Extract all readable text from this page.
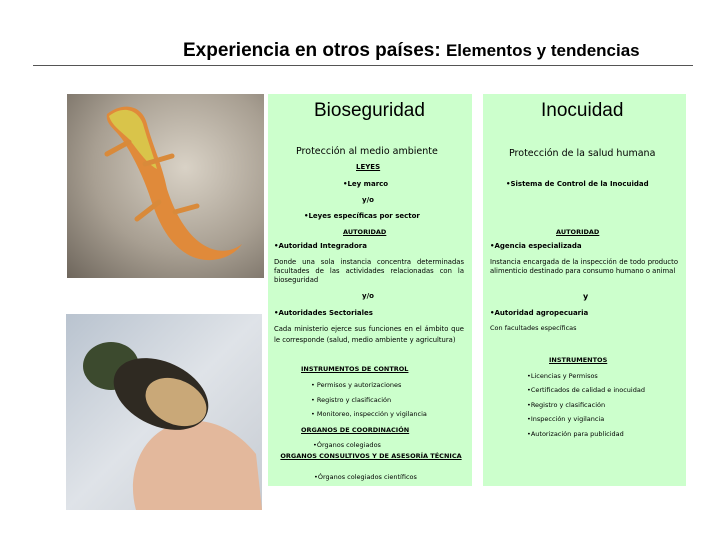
Experiencia en otros países: Elementos y tendencias
Bioseguridad
Protección al medio ambiente
LEYES
•Ley marco
y/o
•Leyes específicas por sector
AUTORIDAD
•Autoridad Integradora
Donde una sola instancia concentra determinadas facultades de las actividades relacionadas con la bioseguridad
y/o
•Autoridades Sectoriales
Cada ministerio ejerce sus funciones en el ámbito que le corresponde (salud, medio ambiente y agricultura)
INSTRUMENTOS DE CONTROL
• Permisos y autorizaciones
• Registro y clasificación
• Monitoreo, inspección y vigilancia
ORGANOS DE COORDINACIÓN
•Órganos colegiados
ORGANOS CONSULTIVOS Y DE ASESORÍA TÉCNICA
•Órganos colegiados científicos
Inocuidad
Protección de la salud humana
•Sistema de Control de la Inocuidad
AUTORIDAD
•Agencia especializada
Instancia encargada de la inspección de todo producto alimenticio destinado para consumo humano o animal
y
•Autoridad agropecuaria
Con facultades específicas
INSTRUMENTOS
•Licencias y Permisos
•Certificados de calidad e inocuidad
•Registro y clasificación
•Inspección y vigilancia
•Autorización para publicidad
